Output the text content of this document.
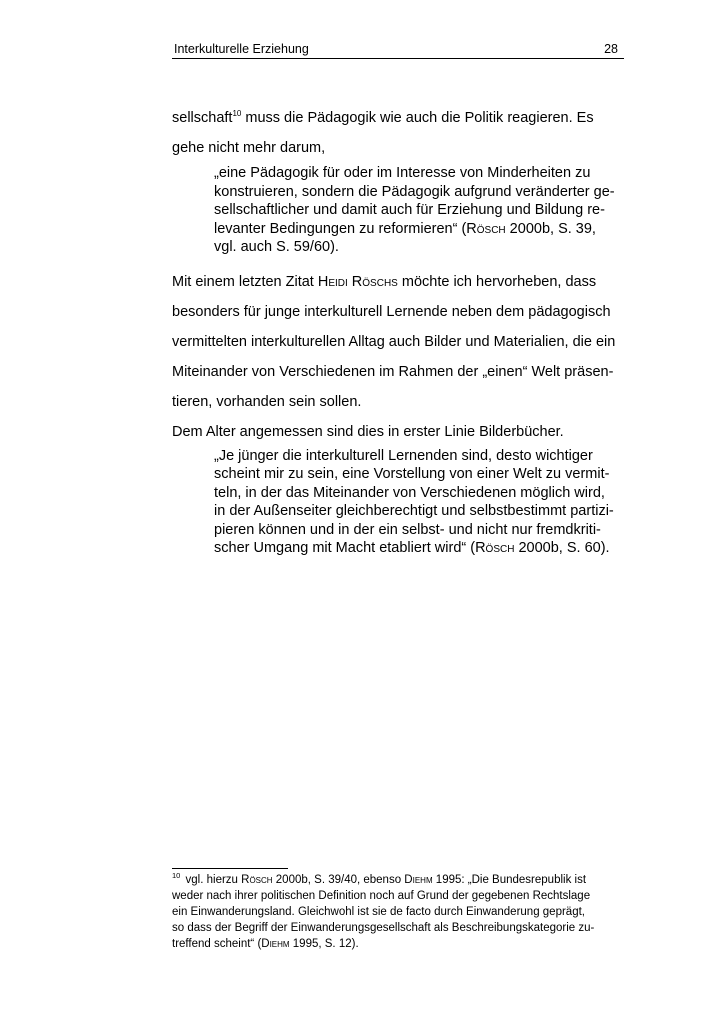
Interkulturelle Erziehung	28

sellschaft$^{10}$ muss die Pädagogik wie auch die Politik reagieren. Es
gehe nicht mehr darum,

„eine Pädagogik für oder im Interesse von Minderheiten zu
konstruieren, sondern die Pädagogik aufgrund veränderter ge-
sellschaftlicher und damit auch für Erziehung und Bildung re-
levanter Bedingungen zu reformieren“ (Rösch 2000b, S. 39,
vgl. auch S. 59/60).

Mit einem letzten Zitat Heidi Röschs möchte ich hervorheben, dass
besonders für junge interkulturell Lernende neben dem pädagogisch
vermittelten interkulturellen Alltag auch Bilder und Materialien, die ein
Miteinander von Verschiedenen im Rahmen der „einen“ Welt präsen-
tieren, vorhanden sein sollen.

Dem Alter angemessen sind dies in erster Linie Bilderbücher.

„Je jünger die interkulturell Lernenden sind, desto wichtiger
scheint mir zu sein, eine Vorstellung von einer Welt zu vermit-
teln, in der das Miteinander von Verschiedenen möglich wird,
in der Außenseiter gleichberechtigt und selbstbestimmt partizi-
pieren können und in der ein selbst- und nicht nur fremdkriti-
scher Umgang mit Macht etabliert wird“ (Rösch 2000b, S. 60).
$^{10}$ vgl. hierzu Rösch 2000b, S. 39/40, ebenso Diehm 1995: „Die Bundesrepublik ist
weder nach ihrer politischen Definition noch auf Grund der gegebenen Rechtslage
ein Einwanderungsland. Gleichwohl ist sie de facto durch Einwanderung geprägt,
so dass der Begriff der Einwanderungsgesellschaft als Beschreibungskategorie zu-
treffend scheint“ (Diehm 1995, S. 12).
